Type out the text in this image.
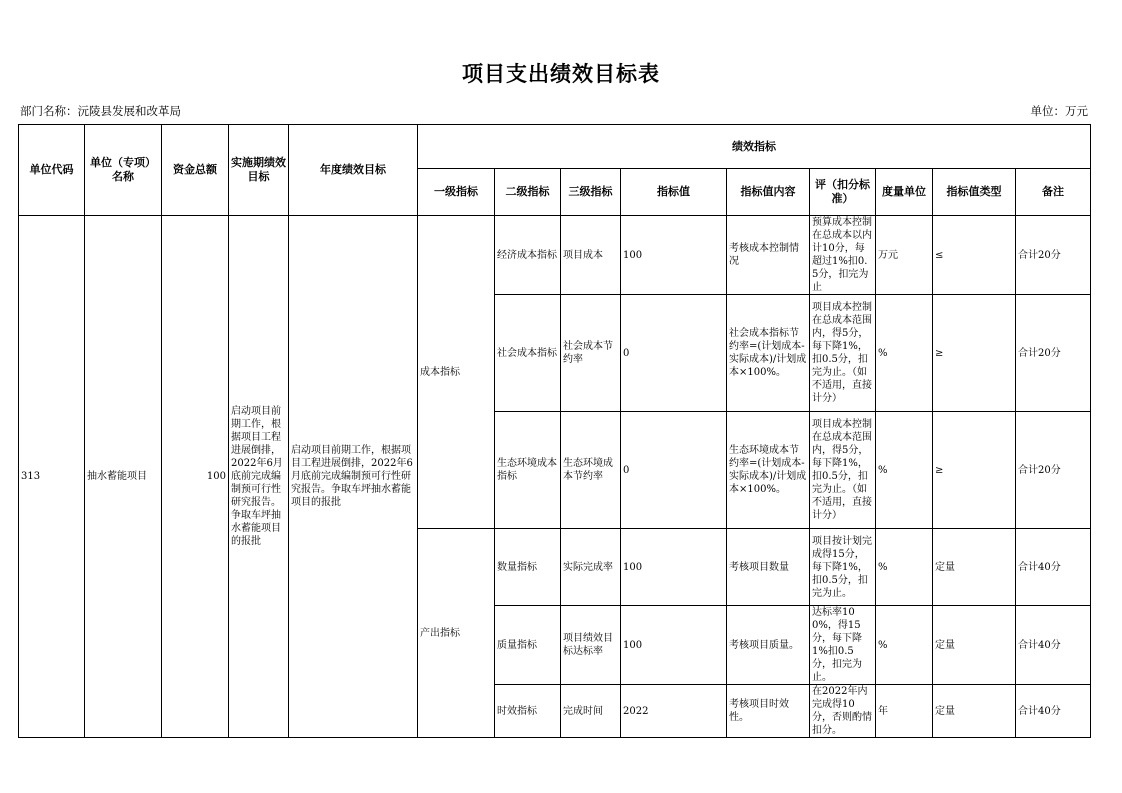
项目支出绩效目标表
部门名称：沅陵县发展和改革局	单位：万元
单位代码	单位（专项）名称	资金总额	实施期绩效目标	年度绩效目标	绩效指标								
					一级指标	二级指标	三级指标	指标值	指标值内容	评（扣分标准）	度量单位	指标值类型	备注
313	抽水蓄能项目	100	启动项目前期工作，根据项目工程进展倒排，2022年6月底前完成编制预可行性研究报告。争取车坪抽水蓄能项目的报批	启动项目前期工作，根据项目工程进展倒排，2022年6月底前完成编制预可行性研究报告。争取车坪抽水蓄能项目的报批	成本指标	经济成本指标	项目成本	100	考核成本控制情况	预算成本控制在总成本以内计10分，每超过1%扣0.5分，扣完为止	万元	≤	合计20分
						社会成本指标	社会成本节约率	0	社会成本指标节约率=(计划成本-实际成本)/计划成本×100%。	项目成本控制在总成本范围内，得5分，每下降1%，扣0.5分，扣完为止。（如不适用，直接计分）	%	≥	合计20分
						生态环境成本指标	生态环境成本节约率	0	生态环境成本节约率=(计划成本-实际成本)/计划成本×100%。	项目成本控制在总成本范围内，得5分，每下降1%，扣0.5分，扣完为止。（如不适用，直接计分）	%	≥	合计20分
					产出指标	数量指标	实际完成率	100	考核项目数量	项目按计划完成得15分，每下降1%，扣0.5分，扣完为止。	%	定量	合计40分
						质量指标	项目绩效目标达标率	100	考核项目质量。	达标率100%，得15分，每下降1%扣0.5分，扣完为止。	%	定量	合计40分
						时效指标	完成时间	2022	考核项目时效性。	在2022年内完成得10分，否则酌情扣分。	年	定量	合计40分
